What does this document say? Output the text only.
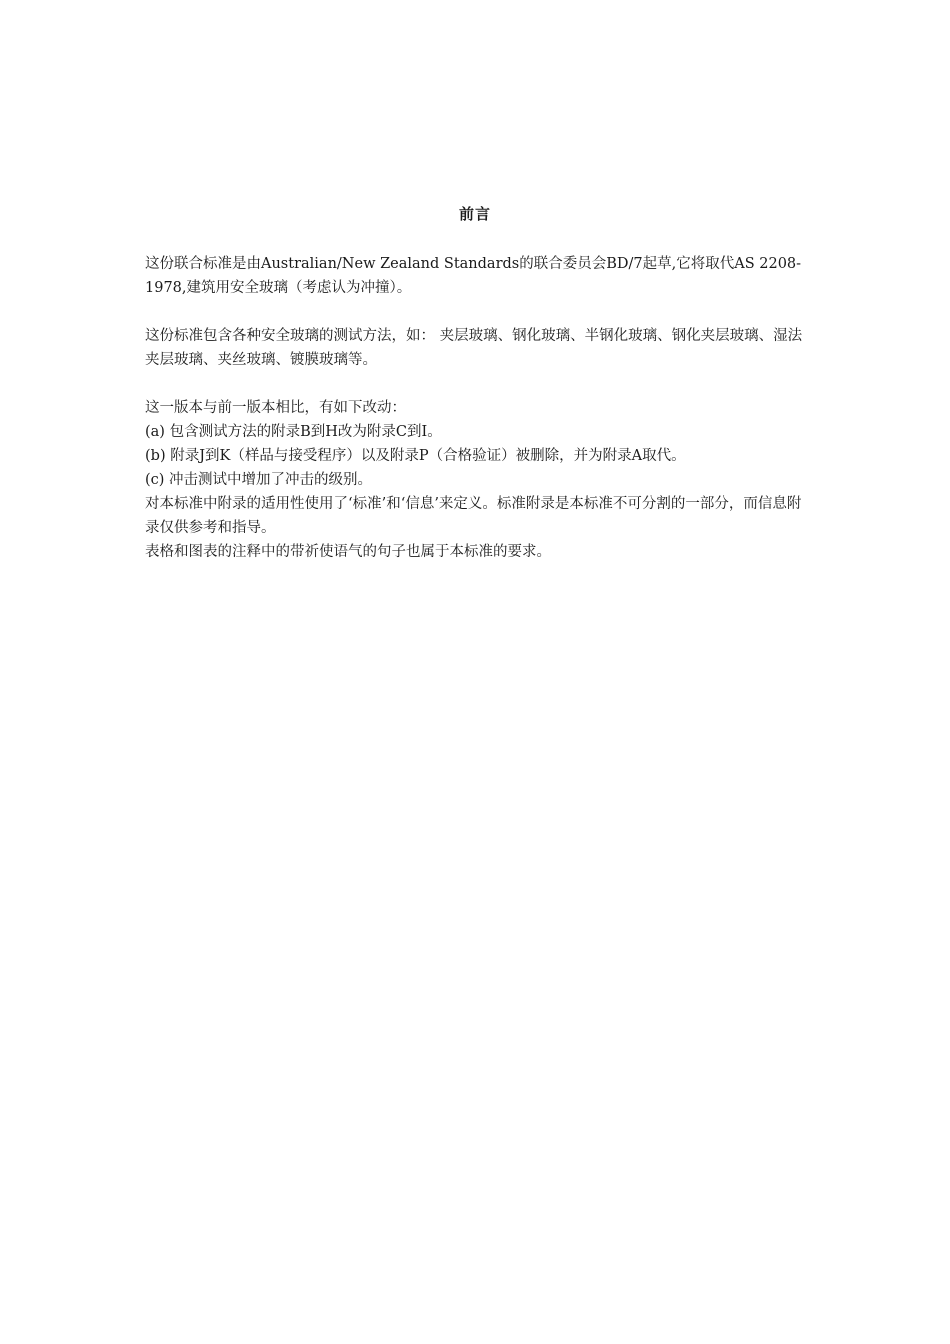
前言

这份联合标准是由Australian/New Zealand Standards的联合委员会BD/7起草,它将取代AS 2208-1978,建筑用安全玻璃（考虑认为冲撞）。

这份标准包含各种安全玻璃的测试方法，如： 夹层玻璃、钢化玻璃、半钢化玻璃、钢化夹层玻璃、湿法夹层玻璃、夹丝玻璃、镀膜玻璃等。

这一版本与前一版本相比，有如下改动：

(a) 包含测试方法的附录B到H改为附录C到I。

(b) 附录J到K（样品与接受程序）以及附录P（合格验证）被删除，并为附录A取代。

(c) 冲击测试中增加了冲击的级别。

对本标准中附录的适用性使用了‘标准’和‘信息’来定义。标准附录是本标准不可分割的一部分，而信息附录仅供参考和指导。

表格和图表的注释中的带祈使语气的句子也属于本标准的要求。
